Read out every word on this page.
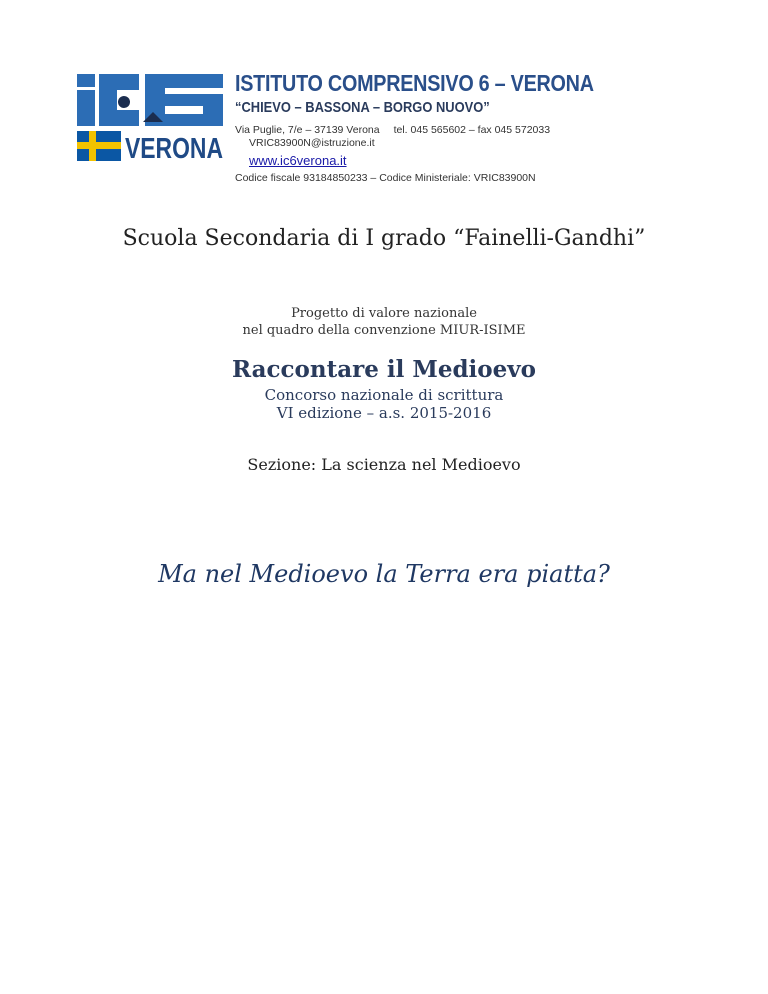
VERONA
ISTITUTO COMPRENSIVO 6 – VERONA
“CHIEVO – BASSONA – BORGO NUOVO”
Via Puglie, 7/e – 37139 Verona tel. 045 565602 – fax 045 572033
VRIC83900N@istruzione.it
www.ic6verona.it
Codice fiscale 93184850233 – Codice Ministeriale: VRIC83900N
Scuola Secondaria di I grado “Fainelli-Gandhi”
Progetto di valore nazionale
nel quadro della convenzione MIUR-ISIME
Raccontare il Medioevo
Concorso nazionale di scrittura
VI edizione – a.s. 2015-2016
Sezione: La scienza nel Medioevo
Ma nel Medioevo la Terra era piatta?
